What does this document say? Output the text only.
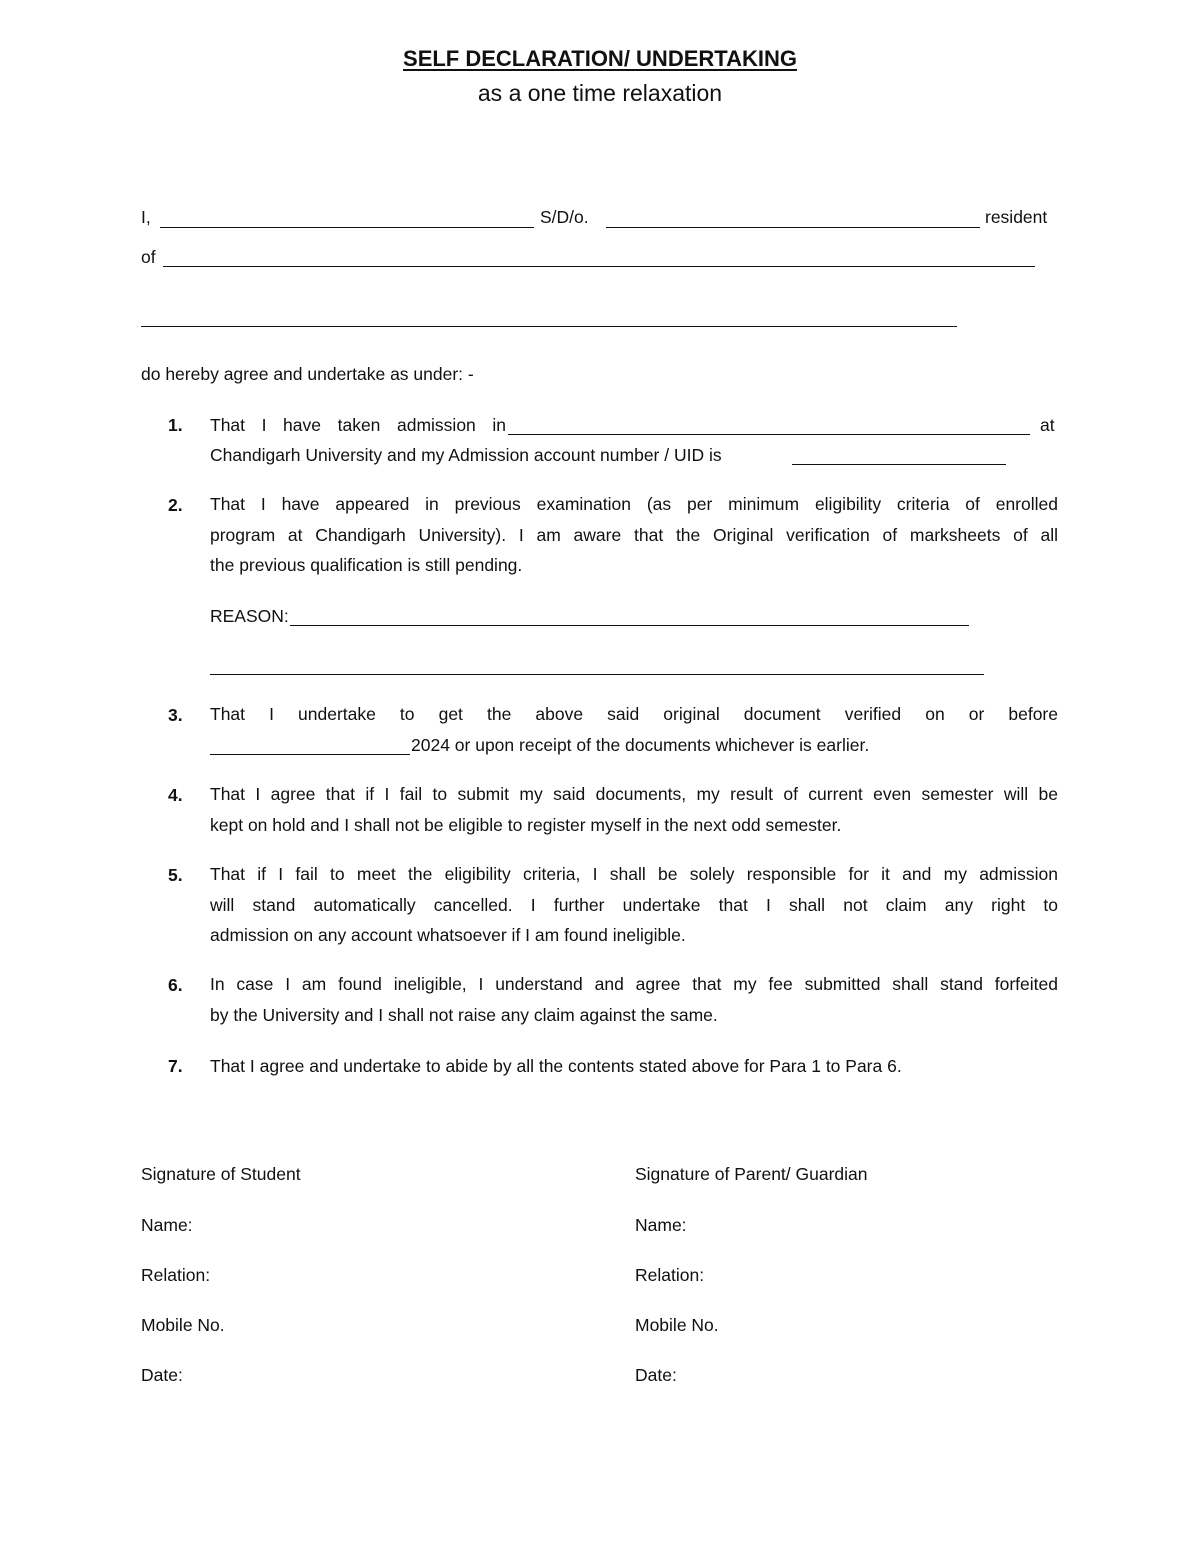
SELF DECLARATION/ UNDERTAKING
as a one time relaxation
I,	S/D/o.	resident
of
do hereby agree and undertake as under: -
1.	That I have taken admission in	at
Chandigarh University and my Admission account number / UID is
2.	That I have appeared in previous examination (as per minimum eligibility criteria of enrolled
program at Chandigarh University). I am aware that the Original verification of marksheets of all
the previous qualification is still pending.
REASON:
3.	That I undertake to get the above said original document verified on or before
2024 or upon receipt of the documents whichever is earlier.
4.	That I agree that if I fail to submit my said documents, my result of current even semester will be
kept on hold and I shall not be eligible to register myself in the next odd semester.
5.	That if I fail to meet the eligibility criteria, I shall be solely responsible for it and my admission
will stand automatically cancelled. I further undertake that I shall not claim any right to
admission on any account whatsoever if I am found ineligible.
6.	In case I am found ineligible, I understand and agree that my fee submitted shall stand forfeited
by the University and I shall not raise any claim against the same.
7.	That I agree and undertake to abide by all the contents stated above for Para 1 to Para 6.
Signature of Student
Name:
Relation:
Mobile No.
Date:
Signature of Parent/ Guardian
Name:
Relation:
Mobile No.
Date:
